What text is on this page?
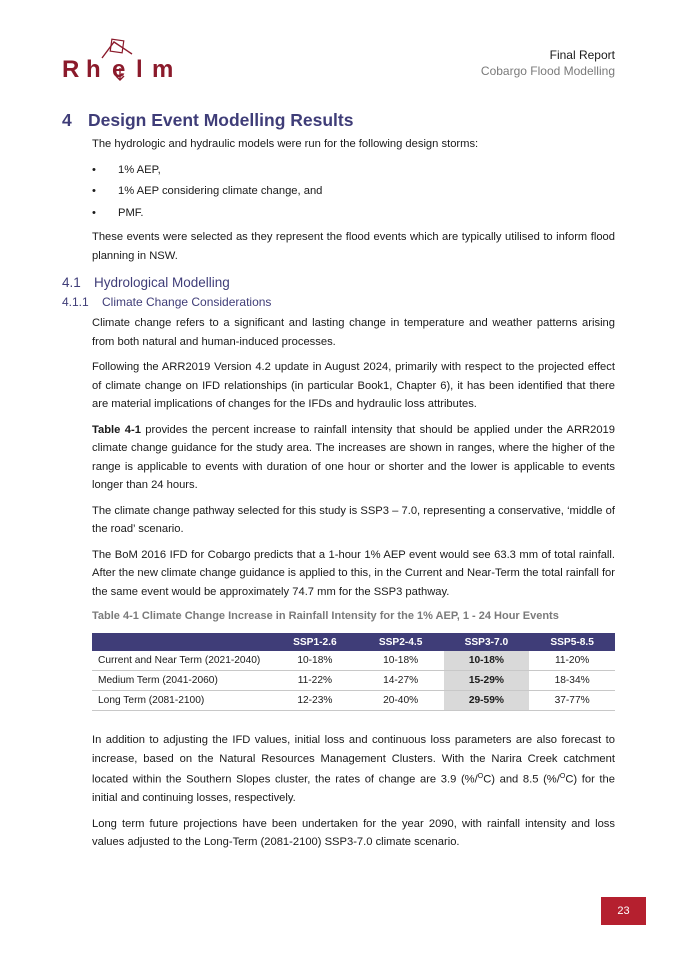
R h e l m
Final Report
Cobargo Flood Modelling
4 Design Event Modelling Results

The hydrologic and hydraulic models were run for the following design storms:

• 1% AEP,
• 1% AEP considering climate change, and
• PMF.

These events were selected as they represent the flood events which are typically utilised to inform flood planning in NSW.

4.1 Hydrological Modelling
4.1.1 Climate Change Considerations

Climate change refers to a significant and lasting change in temperature and weather patterns arising from both natural and human-induced processes.

Following the ARR2019 Version 4.2 update in August 2024, primarily with respect to the projected effect of climate change on IFD relationships (in particular Book1, Chapter 6), it has been identified that there are material implications of changes for the IFDs and hydraulic loss attributes.

Table 4-1 provides the percent increase to rainfall intensity that should be applied under the ARR2019 climate change guidance for the study area. The increases are shown in ranges, where the higher of the range is applicable to events with duration of one hour or shorter and the lower is applicable to events longer than 24 hours.

The climate change pathway selected for this study is SSP3 – 7.0, representing a conservative, ‘middle of the road’ scenario.

The BoM 2016 IFD for Cobargo predicts that a 1-hour 1% AEP event would see 63.3 mm of total rainfall. After the new climate change guidance is applied to this, in the Current and Near-Term the total rainfall for the same event would be approximately 74.7 mm for the SSP3 pathway.

Table 4-1 Climate Change Increase in Rainfall Intensity for the 1% AEP, 1 - 24 Hour Events
	SSP1-2.6	SSP2-4.5	SSP3-7.0	SSP5-8.5
Current and Near Term (2021-2040)	10-18%	10-18%	10-18%	11-20%
Medium Term (2041-2060)	11-22%	14-27%	15-29%	18-34%
Long Term (2081-2100)	12-23%	20-40%	29-59%	37-77%

In addition to adjusting the IFD values, initial loss and continuous loss parameters are also forecast to increase, based on the Natural Resources Management Clusters. With the Narira Creek catchment located within the Southern Slopes cluster, the rates of change are 3.9 (%/$^O$C) and 8.5 (%/$^O$C) for the initial and continuing losses, respectively.

Long term future projections have been undertaken for the year 2090, with rainfall intensity and loss values adjusted to the Long-Term (2081-2100) SSP3-7.0 climate scenario.

23
